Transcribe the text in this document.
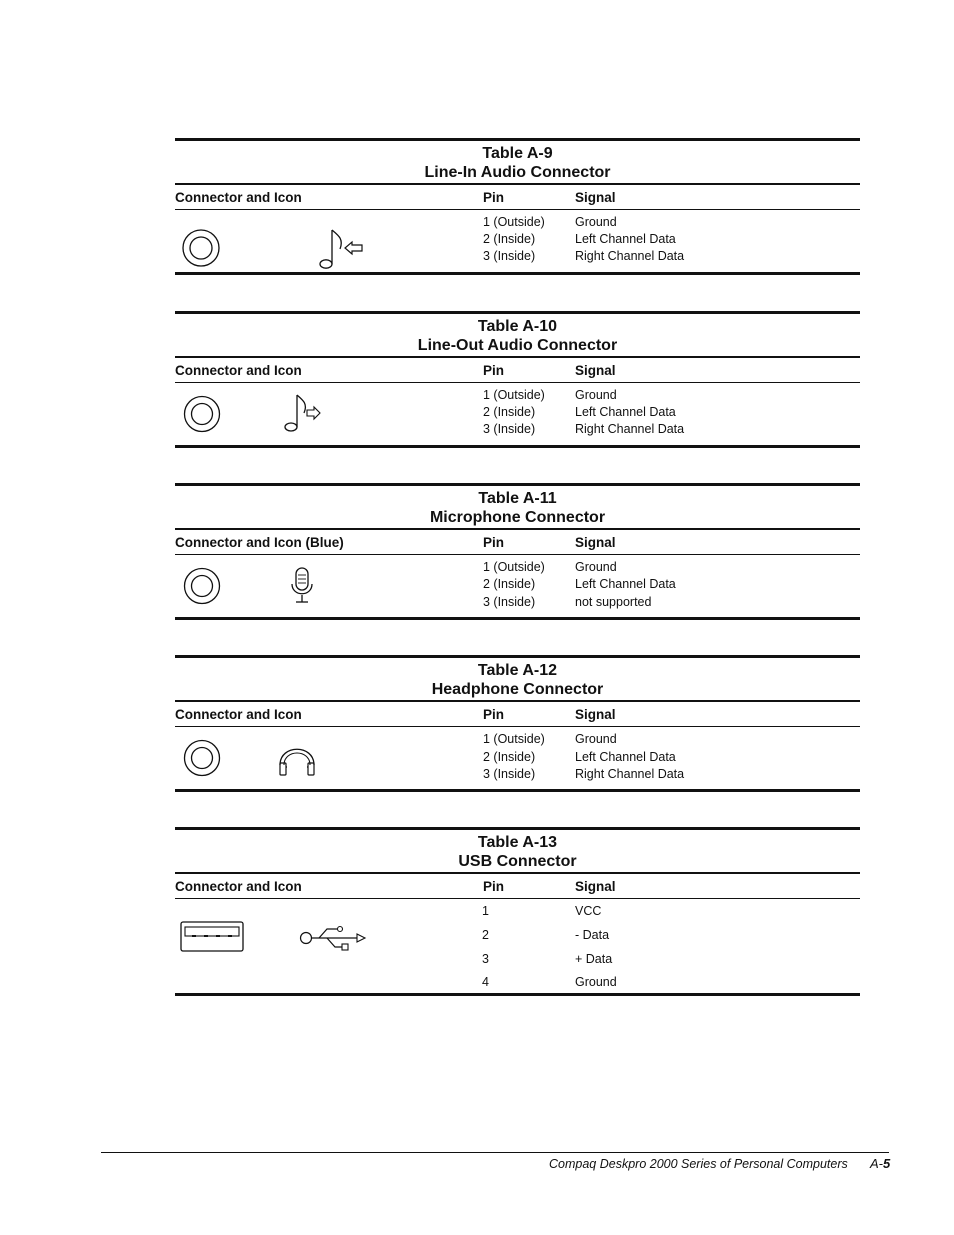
Table A-9
Line-In Audio Connector
Connector and Icon	Pin	Signal
1 (Outside) Ground
2 (Inside)	Left Channel Data
3 (Inside)	Right Channel Data
Table A-10
Line-Out Audio Connector
Connector and Icon	Pin	Signal
1 (Outside) Ground
2 (Inside)	Left Channel Data
3 (Inside)	Right Channel Data
Table A-11
Microphone Connector
Connector and Icon (Blue)	Pin	Signal
1 (Outside) Ground
2 (Inside)	Left Channel Data
3 (Inside)	not supported
Table A-12
Headphone Connector
Connector and Icon	Pin	Signal
1 (Outside) Ground
2 (Inside)	Left Channel Data
3 (Inside)	Right Channel Data
Table A-13
USB Connector
Connector and Icon	Pin	Signal
1	VCC
2	- Data
3	+ Data
4	Ground
Compaq Deskpro 2000 Series of Personal Computers A-5
